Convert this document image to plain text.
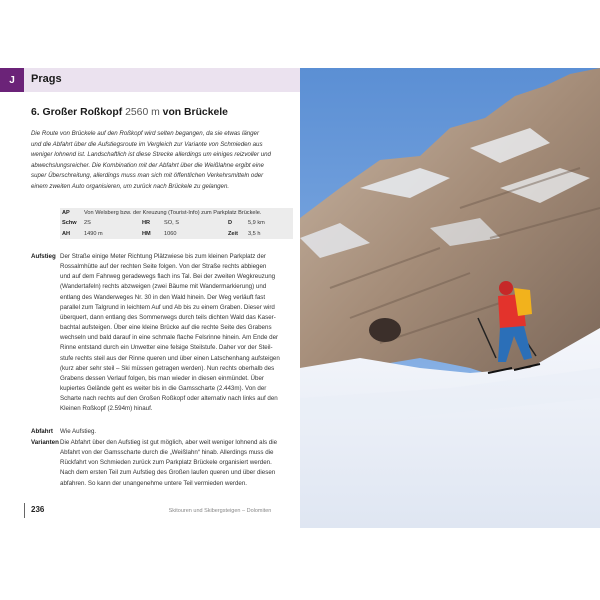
J	Prags
6. Großer Roßkopf 2560 m von Brückele
Die Route von Brückele auf den Roßkopf wird selten begangen, da sie etwas länger
und die Abfahrt über die Aufstiegsroute im Vergleich zur Variante von Schmieden aus
weniger lohnend ist. Landschaftlich ist diese Strecke allerdings um einiges reizvoller und
abwechslungsreicher. Die Kombination mit der Abfahrt über die Weißlahne ergibt eine
super Überschreitung, allerdings muss man sich mit öffentlichen Verkehrsmitteln oder
einem zweiten Auto organisieren, um zurück nach Brückele zu gelangen.
AP	Von Welsberg bzw. der Kreuzung (Tourist-Info) zum Parkplatz Brückele.				
Schw	2S	HR	SO, S	D	5,9 km
AH	1490 m	HM	1060	Zeit	3,5 h
Aufstieg Der Straße einige Meter Richtung Plätzwiese bis zum kleinen Parkplatz der
Rossalmhütte auf der rechten Seite folgen. Von der Straße rechts abbiegen
und auf dem Fahrweg geradewegs flach ins Tal. Bei der zweiten Wegkreuzung
(Wandertafeln) rechts abzweigen (zwei Bäume mit Wandermarkierung) und
entlang des Wanderweges Nr. 30 in den Wald hinein. Der Weg verläuft fast
parallel zum Talgrund in leichtem Auf und Ab bis zu einem Graben. Dieser wird
überquert, dann entlang des Sommerwegs durch teils dichten Wald das Kaser-
bachtal aufsteigen. Über eine kleine Brücke auf die rechte Seite des Grabens
wechseln und bald darauf in eine schmale flache Felsrinne hinein. Am Ende der
Rinne entstand durch ein Unwetter eine felsige Steilstufe. Daher vor der Steil-
stufe rechts steil aus der Rinne queren und über einen Latschenhang aufsteigen
(kurz aber sehr steil – Ski müssen getragen werden). Nun rechts oberhalb des
Grabens dessen Verlauf folgen, bis man wieder in diesen einmündet. Über
kupiertes Gelände geht es weiter bis in die Gamsscharte (2.443m). Von der
Scharte nach rechts auf den Großen Roßkopf oder alternativ nach links auf den
Kleinen Roßkopf (2.594m) hinauf.
Abfahrt	Wie Aufstieg.
Varianten Die Abfahrt über den Aufstieg ist gut möglich, aber weit weniger lohnend als die
Abfahrt von der Gamsscharte durch die „Weißlahn“ hinab. Allerdings muss die
Rückfahrt von Schmieden zurück zum Parkplatz Brückele organisiert werden.
Nach dem ersten Teil zum Aufstieg des Großen laufen queren und über diesen
abfahren. So kann der unangenehme untere Teil vermieden werden.
236	Skitouren und Skibergsteigen – Dolomiten
